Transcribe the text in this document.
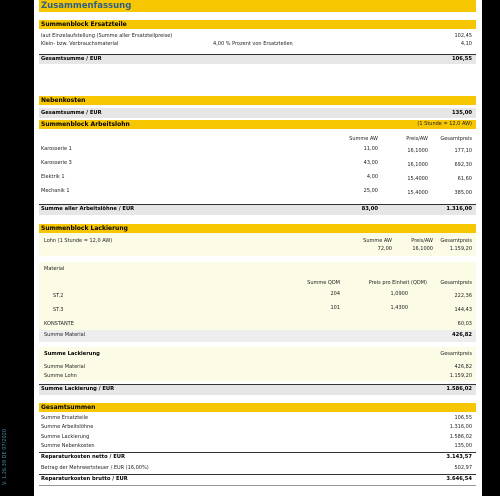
V. 1.26.39 DE 07/2020
Zusammenfassung
Summenblock Ersatzteile
laut Einzelaufstellung (Summe aller Ersatzteilpreise)	102,45
Klein- bzw. Verbrauchsmaterial	4,00 % Prozent von Ersatzteilen	4,10
Gesamtsumme / EUR	106,55
Nebenkosten
Gesamtsumme / EUR	135,00
Summenblock Arbeitslohn	(1 Stunde = 12,0 AW)
Summe AW	Preis/AW Gesamtpreis
Karosserie 1	11,00	16,1000	177,10
Karosserie 3	43,00	16,1000	692,30
Elektrik 1	4,00	15,4000	61,60
Mechanik 1	25,00	15,4000	385,00
Summe aller Arbeitslöhne / EUR	83,00	1.316,00
Summenblock Lackierung
Lohn (1 Stunde = 12,0 AW)	Summe AW	Preis/AW Gesamtpreis
72,00	16,1000	1.159,20
Material
Summe QDM	Preis pro Einheit (QDM)	Gesamtpreis
ST.2	204	1,0900	222,36
ST.3	101	1,4300	144,43
KONSTANTE	60,03
Summe Material	426,82
Summe Lackierung	Gesamtpreis
Summe Material	426,82
Summe Lohn	1.159,20
Summe Lackierung / EUR	1.586,02
Gesamtsummen
Summe Ersatzteile	106,55
Summe Arbeitslöhne	1.316,00
Summe Lackierung	1.586,02
Summe Nebenkosten	135,00
Reparaturkosten netto / EUR	3.143,57
Betrag der Mehrwertsteuer / EUR (16,00%)	502,97
Reparaturkosten brutto / EUR	3.646,54
